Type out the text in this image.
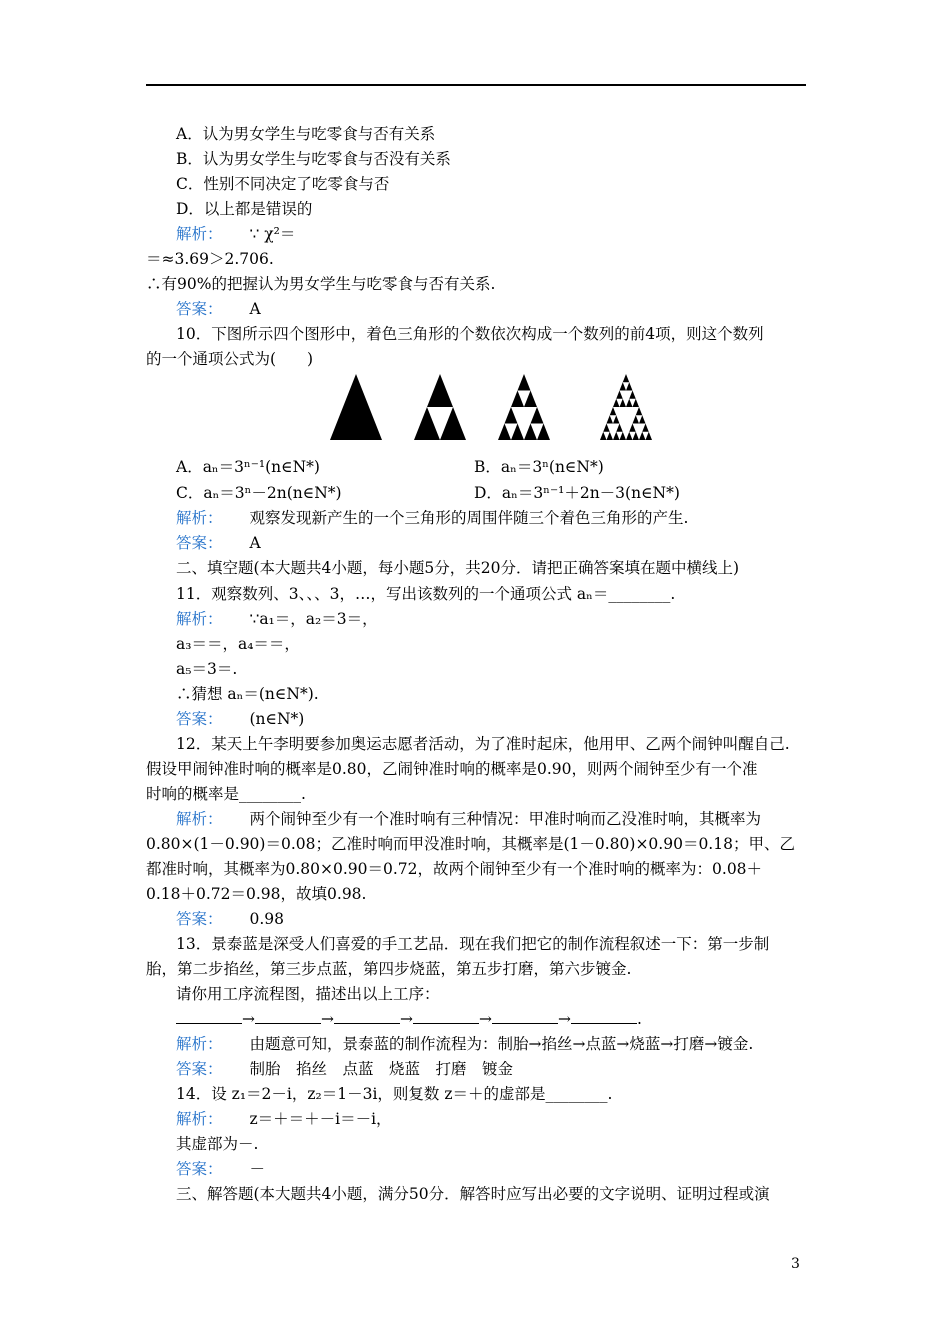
A．认为男女学生与吃零食与否有关系
B．认为男女学生与吃零食与否没有关系
C．性别不同决定了吃零食与否
D．以上都是错误的
解析： ∵ χ²＝
＝≈3.69＞2.706.
∴有90%的把握认为男女学生与吃零食与否有关系.
答案： A
10．下图所示四个图形中，着色三角形的个数依次构成一个数列的前4项，则这个数列
的一个通项公式为(　　)
A．aₙ＝3ⁿ⁻¹(n∈N*)	B．aₙ＝3ⁿ(n∈N*)
C．aₙ＝3ⁿ－2n(n∈N*)	D．aₙ＝3ⁿ⁻¹＋2n－3(n∈N*)
解析： 观察发现新产生的一个三角形的周围伴随三个着色三角形的产生.
答案： A
二、填空题(本大题共4小题，每小题5分，共20分．请把正确答案填在题中横线上)
11．观察数列、3、、、3，…，写出该数列的一个通项公式 aₙ＝________.
解析： ∵a₁＝，a₂＝3＝，
a₃＝＝，a₄＝＝，
a₅＝3＝.
∴猜想 aₙ＝(n∈N*).
答案： (n∈N*)
12．某天上午李明要参加奥运志愿者活动，为了准时起床，他用甲、乙两个闹钟叫醒自己.
假设甲闹钟准时响的概率是0.80，乙闹钟准时响的概率是0.90，则两个闹钟至少有一个准
时响的概率是________.
解析： 两个闹钟至少有一个准时响有三种情况：甲准时响而乙没准时响，其概率为
0.80×(1－0.90)＝0.08；乙准时响而甲没准时响，其概率是(1－0.80)×0.90＝0.18；甲、乙
都准时响，其概率为0.80×0.90＝0.72，故两个闹钟至少有一个准时响的概率为：0.08＋
0.18＋0.72＝0.98，故填0.98.
答案： 0.98
13．景泰蓝是深受人们喜爱的手工艺品．现在我们把它的制作流程叙述一下：第一步制
胎，第二步掐丝，第三步点蓝，第四步烧蓝，第五步打磨，第六步镀金.
请你用工序流程图，描述出以上工序：
→	→	→	→	→	.
解析： 由题意可知，景泰蓝的制作流程为：制胎→掐丝→点蓝→烧蓝→打磨→镀金.
答案： 制胎　掐丝　点蓝　烧蓝　打磨　镀金
14．设 z₁＝2－i，z₂＝1－3i，则复数 z＝＋的虚部是________.
解析： z＝＋＝＋－i＝－i，
其虚部为－.
答案： －
三、解答题(本大题共4小题，满分50分．解答时应写出必要的文字说明、证明过程或演
3
